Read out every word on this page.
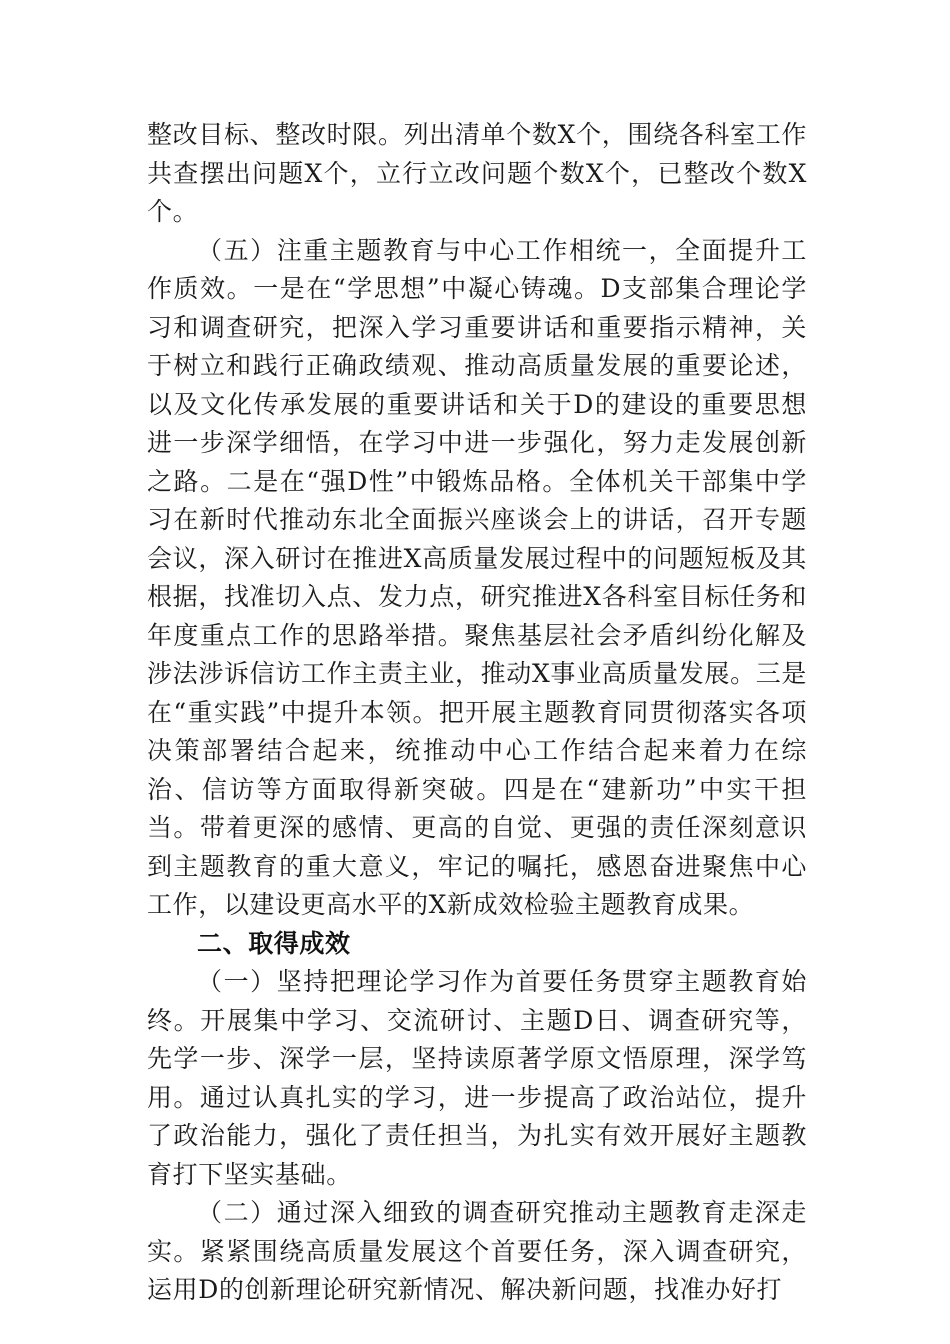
整改目标、整改时限。列出清单个数X个，围绕各科室工作共查摆出问题X个，立行立改问题个数X个，已整改个数X个。

（五）注重主题教育与中心工作相统一，全面提升工作质效。一是在“学思想”中凝心铸魂。D支部集合理论学习和调查研究，把深入学习重要讲话和重要指示精神，关于树立和践行正确政绩观、推动高质量发展的重要论述，以及文化传承发展的重要讲话和关于D的建设的重要思想进一步深学细悟，在学习中进一步强化，努力走发展创新之路。二是在“强D性”中锻炼品格。全体机关干部集中学习在新时代推动东北全面振兴座谈会上的讲话，召开专题会议，深入研讨在推进X高质量发展过程中的问题短板及其根据，找准切入点、发力点，研究推进X各科室目标任务和年度重点工作的思路举措。聚焦基层社会矛盾纠纷化解及涉法涉诉信访工作主责主业，推动X事业高质量发展。三是在“重实践”中提升本领。把开展主题教育同贯彻落实各项决策部署结合起来，统推动中心工作结合起来着力在综治、信访等方面取得新突破。四是在“建新功”中实干担当。带着更深的感情、更高的自觉、更强的责任深刻意识到主题教育的重大意义，牢记的嘱托，感恩奋进聚焦中心工作，以建设更高水平的X新成效检验主题教育成果。

二、取得成效

（一）坚持把理论学习作为首要任务贯穿主题教育始终。开展集中学习、交流研讨、主题D日、调查研究等，先学一步、深学一层，坚持读原著学原文悟原理，深学笃用。通过认真扎实的学习，进一步提高了政治站位，提升了政治能力，强化了责任担当，为扎实有效开展好主题教育打下坚实基础。

（二）通过深入细致的调查研究推动主题教育走深走实。紧紧围绕高质量发展这个首要任务，深入调查研究，运用D的创新理论研究新情况、解决新问题，找准办好打
